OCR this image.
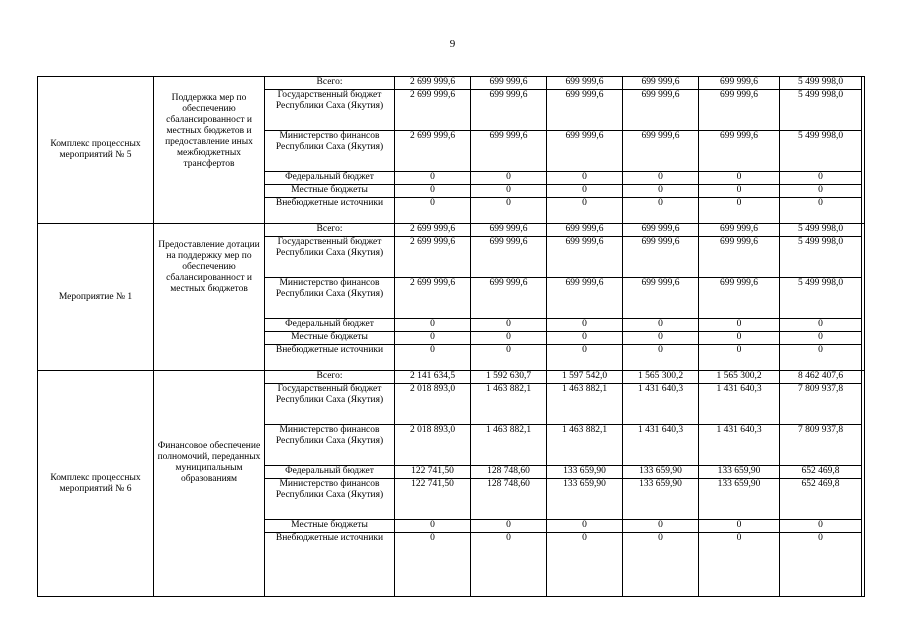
9
Комплекс процессных мероприятий № 5	Поддержка мер по обеспечению сбалансированност и местных бюджетов и предоставление иных межбюджетных трансфертов	Всего:	2 699 999,6	699 999,6	699 999,6	699 999,6	699 999,6	5 499 998,0	
		Государственный бюджет Республики Саха (Якутия)	2 699 999,6	699 999,6	699 999,6	699 999,6	699 999,6	5 499 998,0	
		Министерство финансов Республики Саха (Якутия)	2 699 999,6	699 999,6	699 999,6	699 999,6	699 999,6	5 499 998,0	
		Федеральный бюджет	0	0	0	0	0	0	
		Местные бюджеты	0	0	0	0	0	0	
		Внебюджетные источники	0	0	0	0	0	0	
Мероприятие № 1	Предоставление дотации на поддержку мер по обеспечению сбалансированност и местных бюджетов	Всего:	2 699 999,6	699 999,6	699 999,6	699 999,6	699 999,6	5 499 998,0	
		Государственный бюджет Республики Саха (Якутия)	2 699 999,6	699 999,6	699 999,6	699 999,6	699 999,6	5 499 998,0	
		Министерство финансов Республики Саха (Якутия)	2 699 999,6	699 999,6	699 999,6	699 999,6	699 999,6	5 499 998,0	
		Федеральный бюджет	0	0	0	0	0	0	
		Местные бюджеты	0	0	0	0	0	0	
		Внебюджетные источники	0	0	0	0	0	0	
Комплекс процессных мероприятий № 6	Финансовое обеспечение полномочий, переданных муниципальным образованиям	Всего:	2 141 634,5	1 592 630,7	1 597 542,0	1 565 300,2	1 565 300,2	8 462 407,6	
		Государственный бюджет Республики Саха (Якутия)	2 018 893,0	1 463 882,1	1 463 882,1	1 431 640,3	1 431 640,3	7 809 937,8	
		Министерство финансов Республики Саха (Якутия)	2 018 893,0	1 463 882,1	1 463 882,1	1 431 640,3	1 431 640,3	7 809 937,8	
		Федеральный бюджет	122 741,50	128 748,60	133 659,90	133 659,90	133 659,90	652 469,8	
		Министерство финансов Республики Саха (Якутия)	122 741,50	128 748,60	133 659,90	133 659,90	133 659,90	652 469,8	
		Местные бюджеты	0	0	0	0	0	0	
		Внебюджетные источники	0	0	0	0	0	0	
